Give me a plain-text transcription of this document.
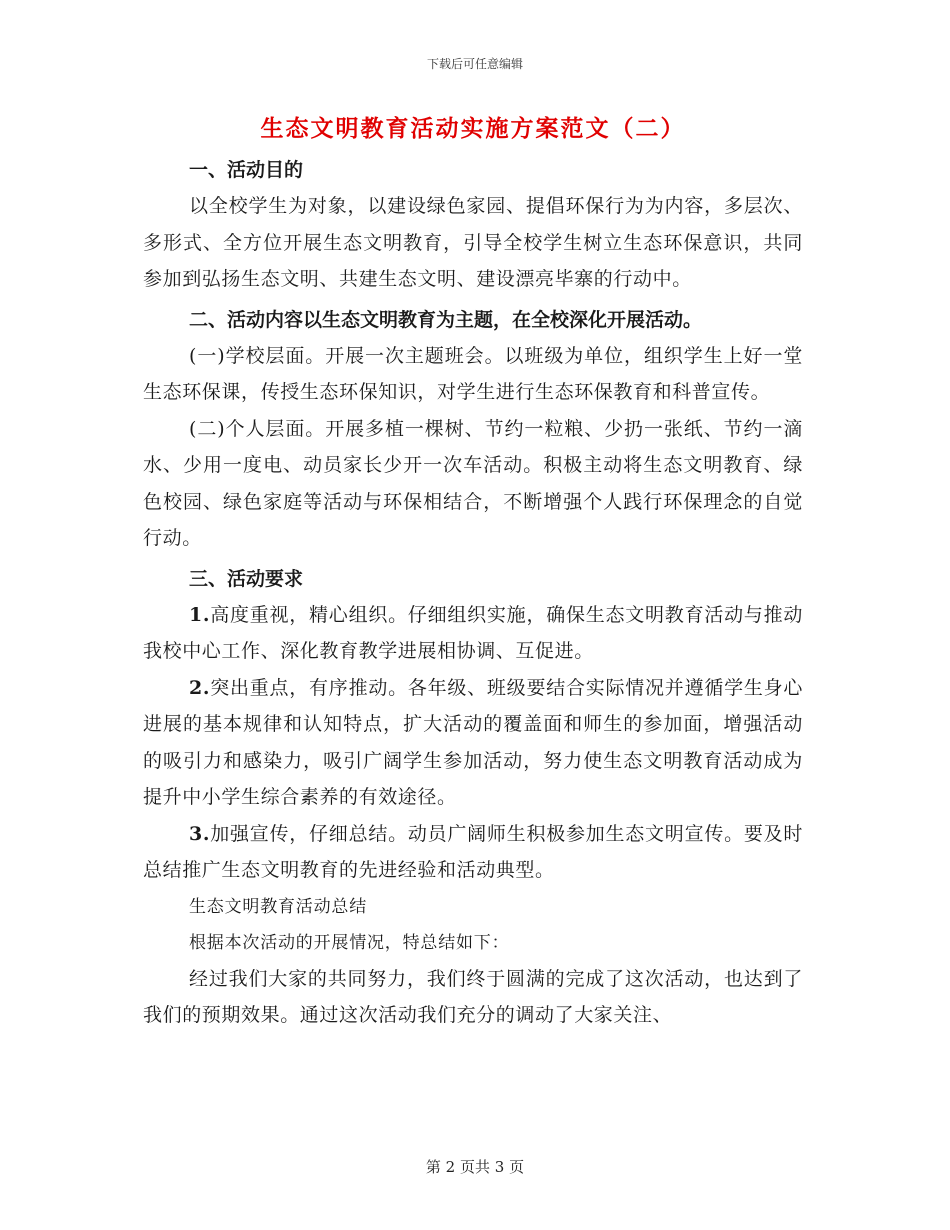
下载后可任意编辑
生态文明教育活动实施方案范文（二）
一、活动目的

以全校学生为对象，以建设绿色家园、提倡环保行为为内容，多层次、多形式、全方位开展生态文明教育，引导全校学生树立生态环保意识，共同参加到弘扬生态文明、共建生态文明、建设漂亮毕寨的行动中。

二、活动内容以生态文明教育为主题，在全校深化开展活动。

(一)学校层面。开展一次主题班会。以班级为单位，组织学生上好一堂生态环保课，传授生态环保知识，对学生进行生态环保教育和科普宣传。

(二)个人层面。开展多植一棵树、节约一粒粮、少扔一张纸、节约一滴水、少用一度电、动员家长少开一次车活动。积极主动将生态文明教育、绿色校园、绿色家庭等活动与环保相结合，不断增强个人践行环保理念的自觉行动。

三、活动要求

1.高度重视，精心组织。仔细组织实施，确保生态文明教育活动与推动我校中心工作、深化教育教学进展相协调、互促进。

2.突出重点，有序推动。各年级、班级要结合实际情况并遵循学生身心进展的基本规律和认知特点，扩大活动的覆盖面和师生的参加面，增强活动的吸引力和感染力，吸引广阔学生参加活动，努力使生态文明教育活动成为提升中小学生综合素养的有效途径。

3.加强宣传，仔细总结。动员广阔师生积极参加生态文明宣传。要及时总结推广生态文明教育的先进经验和活动典型。

生态文明教育活动总结
根据本次活动的开展情况，特总结如下：

经过我们大家的共同努力，我们终于圆满的完成了这次活动，也达到了我们的预期效果。通过这次活动我们充分的调动了大家关注、

第 2 页共 3 页
